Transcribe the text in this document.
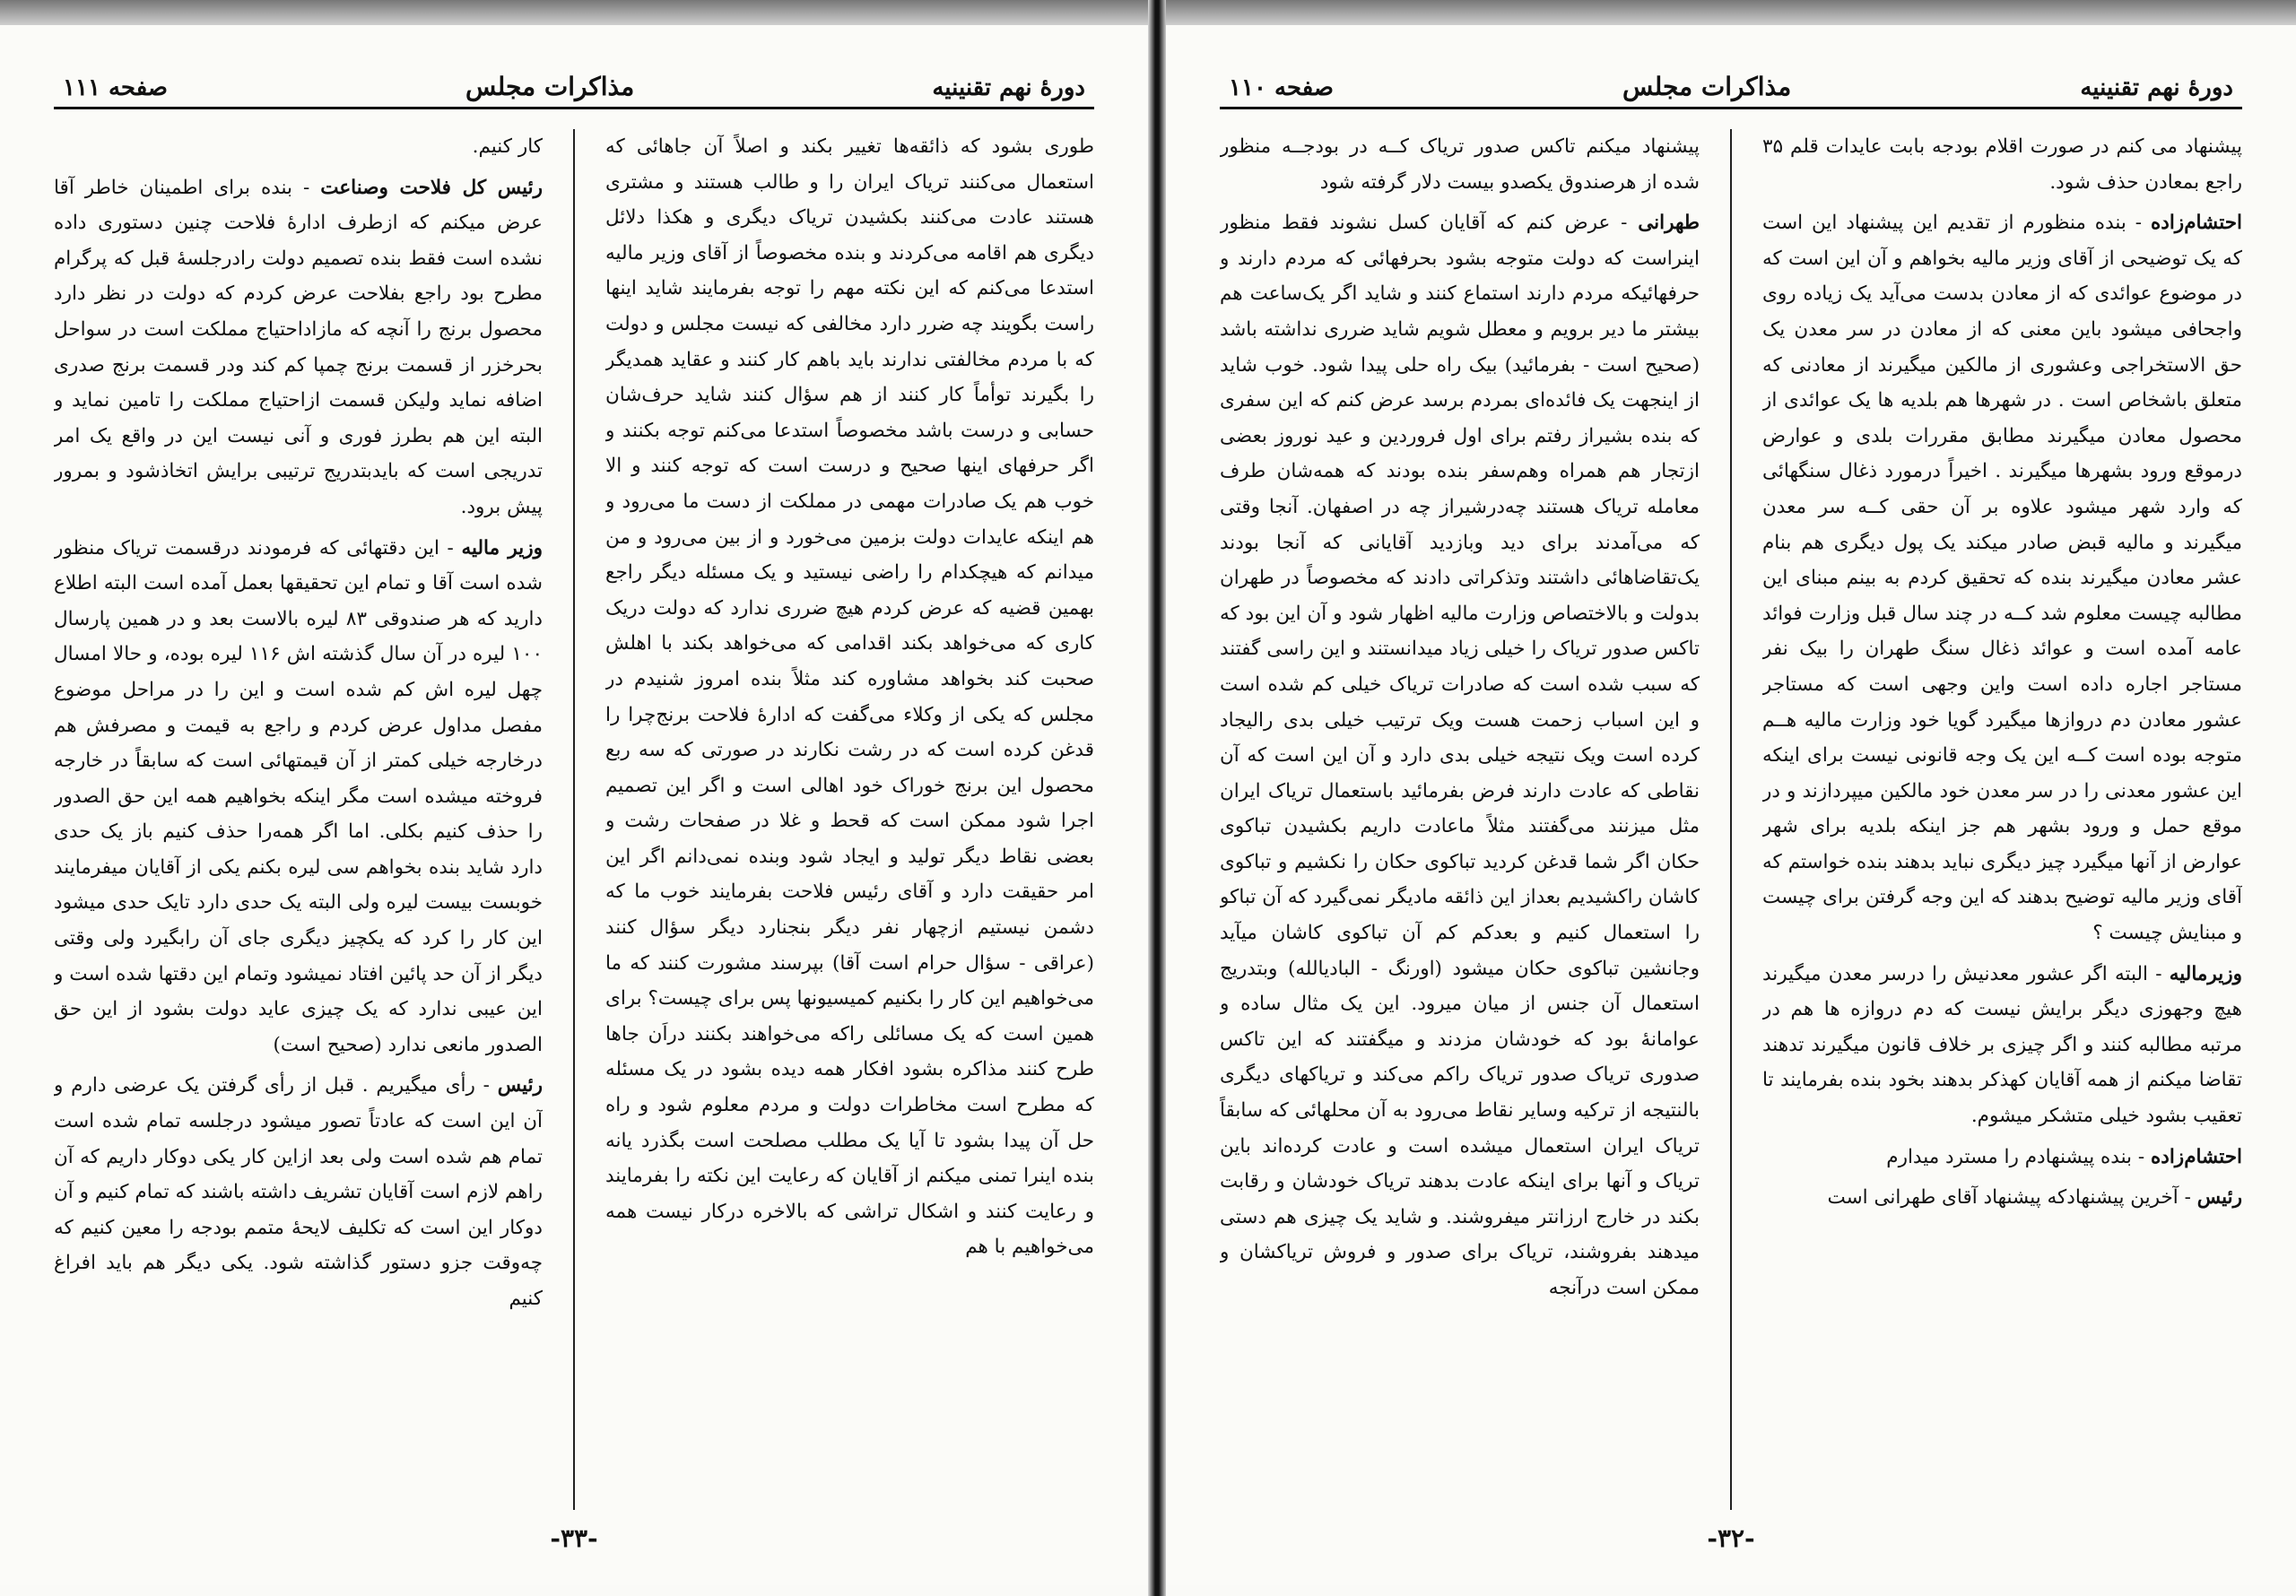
دورهٔ نهم تقنینیه
مذاکرات مجلس
صفحه ۱۱۱

طوری بشود که ذائقه‌ها تغییر بکند و اصلاً آن جاهائی که استعمال می‌کنند تریاک ایران را و طالب هستند و مشتری هستند عادت می‌کنند بکشیدن تریاک دیگری و هکذا دلائل دیگری هم اقامه می‌کردند و بنده مخصوصاً از آقای وزیر مالیه استدعا می‌کنم که این نکته مهم را توجه بفرمایند شاید اینها راست بگویند چه ضرر دارد مخالفی که نیست مجلس و دولت که با مردم مخالفتی ندارند باید باهم کار کنند و عقاید همدیگر را بگیرند توأماً کار کنند از هم سؤال کنند شاید حرف‌شان حسابی و درست باشد مخصوصاً استدعا می‌کنم توجه بکنند و اگر حرفهای اینها صحیح و درست است که توجه کنند و الا خوب هم یک صادرات مهمی در مملکت از دست ما می‌رود و هم اینکه عایدات دولت بزمین می‌خورد و از بین می‌رود و من میدانم که هیچکدام را راضی نیستید و یک مسئله دیگر راجع بهمین قضیه که عرض کردم هیچ ضرری ندارد که دولت دریک کاری که می‌خواهد بکند اقدامی که می‌خواهد بکند با اهلش صحبت کند بخواهد مشاوره کند مثلاً بنده امروز شنیدم در مجلس که یکی از وکلاء می‌گفت که ادارهٔ فلاحت برنج‌چرا را قدغن کرده است که در رشت نکارند در صورتی که سه ربع محصول این برنج خوراک خود اهالی است و اگر این تصمیم اجرا شود ممکن است که قحط و غلا در صفحات رشت و بعضی نقاط دیگر تولید و ایجاد شود وبنده نمی‌دانم اگر این امر حقیقت دارد و آقای رئیس فلاحت بفرمایند خوب ما که دشمن نیستیم ازچهار نفر دیگر بنجنارد دیگر سؤال کنند (عراقی - سؤال حرام است آقا) بپرسند مشورت کنند که ما می‌خواهیم این کار را بکنیم کمیسیونها پس برای چیست؟ برای همین است که یک مسائلی راکه می‌خواهند بکنند دراَن جاها طرح کنند مذاکره بشود افکار همه دیده بشود در یک مسئله که مطرح است مخاطرات دولت و مردم معلوم شود و راه حل آن پیدا بشود تا آیا یک مطلب مصلحت است بگذرد یانه بنده اینرا تمنی میکنم از آقایان که رعایت این نکته را بفرمایند و رعایت کنند و اشکال تراشی که بالاخره درکار نیست همه می‌خواهیم با هم

کار کنیم.

رئیس کل فلاحت وصناعت - بنده برای اطمینان خاطر آقا عرض میکنم که ازطرف ادارهٔ فلاحت چنین دستوری داده نشده است فقط بنده تصمیم دولت رادرجلسهٔ قبل که پرگرام مطرح بود راجع بفلاحت عرض کردم که دولت در نظر دارد محصول برنج را آنچه که مازاداحتیاج مملکت است در سواحل بحرخزر از قسمت برنج چمپا کم کند ودر قسمت برنج صدری اضافه نماید ولیکن قسمت ازاحتیاج مملکت را تامین نماید و البته این هم بطرز فوری و آنی نیست این در واقع یک امر تدریجی است که بایدبتدریج ترتیبی برایش اتخاذشود و بمرور پیش برود.

وزیر مالیه - این دقتهائی که فرمودند درقسمت تریاک منظور شده است آقا و تمام این تحقیقها بعمل آمده است البته اطلاع دارید که هر صندوقی ۸۳ لیره بالاست بعد و در همین پارسال ۱۰۰ لیره در آن سال گذشته اش ۱۱۶ لیره بوده، و حالا امسال چهل لیره اش کم شده است و این را در مراحل موضوع مفصل مداول عرض کردم و راجع به قیمت و مصرفش هم درخارجه خیلی کمتر از آن قیمتهائی است که سابقاً در خارجه فروخته میشده است مگر اینکه بخواهیم همه این حق الصدور را حذف کنیم بکلی. اما اگر همه‌را حذف کنیم باز یک حدی دارد شاید بنده بخواهم سی لیره بکنم یکی از آقایان میفرمایند خوبست بیست لیره ولی البته یک حدی دارد تایک حدی میشود این کار را کرد که یکچیز دیگری جای آن رابگیرد ولی وقتی دیگر از آن حد پائین افتاد نمیشود وتمام این دقتها شده است و این عیبی ندارد که یک چیزی عاید دولت بشود از این حق الصدور مانعی ندارد (صحیح است)

رئیس - رأی میگیریم . قبل از رأی گرفتن یک عرضی دارم و آن این است که عادتاً تصور میشود درجلسه تمام شده است تمام هم شده است ولی بعد ازاین کار یکی دوکار داریم که آن راهم لازم است آقایان تشریف داشته باشند که تمام کنیم و آن دوکار این است که تکلیف لایحهٔ متمم بودجه را معین کنیم که چه‌وقت جزو دستور گذاشته شود. یکی دیگر هم باید افراغ کنیم

-۳۳-
دورهٔ نهم تقنینیه
مذاکرات مجلس
صفحه ۱۱۰

پیشنهاد می کنم در صورت اقلام بودجه بابت عایدات قلم ۳۵ راجع بمعادن حذف شود.

احتشام‌زاده - بنده منظورم از تقدیم این پیشنهاد این است که یک توضیحی از آقای وزیر مالیه بخواهم و آن این است که در موضوع عوائدی که از معادن بدست می‌آید یک زیاده روی واجحافی میشود باین معنی که از معادن در سر معدن یک حق الاستخراجی وعشوری از مالکین میگیرند از معادنی که متعلق باشخاص است . در شهرها هم بلدیه ها یک عوائدی از محصول معادن میگیرند مطابق مقررات بلدی و عوارض درموقع ورود بشهرها میگیرند . اخیراً درمورد ذغال سنگهائی که وارد شهر میشود علاوه بر آن حقی کــه سر معدن میگیرند و مالیه قبض صادر میکند یک پول دیگری هم بنام عشر معادن میگیرند بنده که تحقیق کردم به بینم مبنای این مطالبه چیست معلوم شد کــه در چند سال قبل وزارت فوائد عامه آمده است و عوائد ذغال سنگ طهران را بیک نفر مستاجر اجاره داده است واین وجهی است که مستاجر عشور معادن دم دروازها میگیرد گویا خود وزارت مالیه هــم متوجه بوده است کــه این یک وجه قانونی نیست برای اینکه این عشور معدنی را در سر معدن خود مالکین میپردازند و در موقع حمل و ورود بشهر هم جز اینکه بلدیه برای شهر عوارض از آنها میگیرد چیز دیگری نباید بدهند بنده خواستم که آقای وزیر مالیه توضیح بدهند که این وجه گرفتن برای چیست و مبنایش چیست ؟

وزیرمالیه - البته اگر عشور معدنیش را درسر معدن میگیرند هیچ وجهوزی دیگر برایش نیست که دم دروازه ها هم در مرتبه مطالبه کنند و اگر چیزی بر خلاف قانون میگیرند تدهند تقاضا میکنم از همه آقایان کهذکر بدهند بخود بنده بفرمایند تا تعقیب بشود خیلی متشکر میشوم.

احتشام‌زاده - بنده پیشنهادم را مسترد میدارم

رئیس - آخرین پیشنهادکه پیشنهاد آقای طهرانی است

پیشنهاد میکنم تاکس صدور تریاک کــه در بودجــه منظور شده از هرصندوق یکصدو بیست دلار گرفته شود

طهرانی - عرض کنم که آقایان کسل نشوند فقط منظور اینراست که دولت متوجه بشود بحرفهائی که مردم دارند و حرفهائیکه مردم دارند استماع کنند و شاید اگر یک‌ساعت هم بیشتر ما دیر برویم و معطل شویم شاید ضرری نداشته باشد (صحیح است - بفرمائید) بیک راه حلی پیدا شود. خوب شاید از اینجهت یک فائده‌ای بمردم برسد عرض کنم که این سفری که بنده بشیراز رفتم برای اول فروردین و عید نوروز بعضی ازتجار هم همراه وهم‌سفر بنده بودند که همه‌شان طرف معامله تریاک هستند چه‌درشیراز چه در اصفهان. آنجا وقتی که می‌آمدند برای دید وبازدید آقایانی که آنجا بودند یک‌تقاضاهائی داشتند وتذکراتی دادند که مخصوصاً در طهران بدولت و بالاختصاص وزارت مالیه اظهار شود و آن این بود که تاکس صدور تریاک را خیلی زیاد میدانستند و این راسی گفتند که سبب شده است که صادرات تریاک خیلی کم شده است و این اسباب زحمت هست ویک ترتیب خیلی بدی رالیجاد کرده است ویک نتیجه خیلی بدی دارد و آن این است که آن نقاطی که عادت دارند فرض بفرمائید باستعمال تریاک ایران مثل میزنند می‌گفتند مثلاً ماعادت داریم بکشیدن تباکوی حکان اگر شما قدغن کردید تباکوی حکان را نکشیم و تباکوی کاشان راکشیدیم بعداز این ذائقه مادیگر نمی‌گیرد که آن تباکو را استعمال کنیم و بعدکم کم آن تباکوی کاشان میآید وجانشین تباکوی حکان میشود (اورنگ - البادیالله) وبتدریج استعمال آن جنس از میان میرود. این یک مثال ساده و عوامانهٔ بود که خودشان مزدند و میگفتند که این تاکس صدوری تریاک صدور تریاک راکم می‌کند و تریاکهای دیگری بالنتیجه از ترکیه وسایر نقاط می‌رود به آن محلهائی که سابقاً تریاک ایران استعمال میشده است و عادت کرده‌اند باین تریاک و آنها برای اینکه عادت بدهند تریاک خودشان و رقابت بکند در خارج ارزانتر میفروشند. و شاید یک چیزی هم دستی میدهند بفروشند، تریاک برای صدور و فروش تریاکشان و ممکن است درآنجه

-۳۲-
